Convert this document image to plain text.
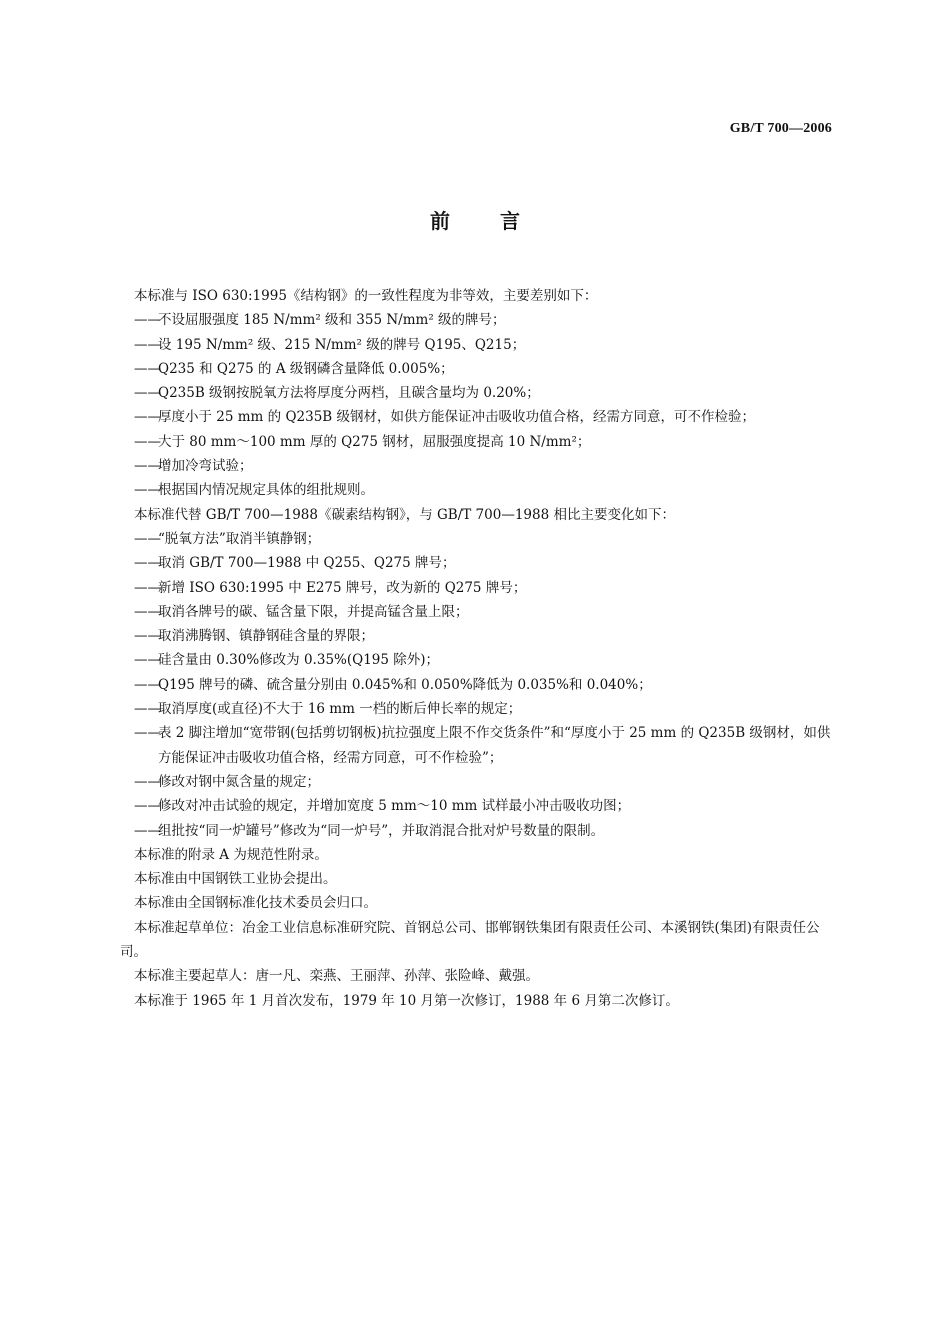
GB/T 700—2006
前言

本标准与 ISO 630:1995《结构钢》的一致性程度为非等效，主要差别如下：

——不设屈服强度 185 N/mm² 级和 355 N/mm² 级的牌号；

——设 195 N/mm² 级、215 N/mm² 级的牌号 Q195、Q215；

——Q235 和 Q275 的 A 级钢磷含量降低 0.005%；

——Q235B 级钢按脱氧方法将厚度分两档，且碳含量均为 0.20%；

——厚度小于 25 mm 的 Q235B 级钢材，如供方能保证冲击吸收功值合格，经需方同意，可不作检验；

——大于 80 mm～100 mm 厚的 Q275 钢材，屈服强度提高 10 N/mm²；

——增加冷弯试验；

——根据国内情况规定具体的组批规则。

本标准代替 GB/T 700—1988《碳素结构钢》，与 GB/T 700—1988 相比主要变化如下：

——“脱氧方法”取消半镇静钢；

——取消 GB/T 700—1988 中 Q255、Q275 牌号；

——新增 ISO 630:1995 中 E275 牌号，改为新的 Q275 牌号；

——取消各牌号的碳、锰含量下限，并提高锰含量上限；

——取消沸腾钢、镇静钢硅含量的界限；

——硅含量由 0.30%修改为 0.35%(Q195 除外)；

——Q195 牌号的磷、硫含量分别由 0.045%和 0.050%降低为 0.035%和 0.040%；

——取消厚度(或直径)不大于 16 mm 一档的断后伸长率的规定；

——表 2 脚注增加“宽带钢(包括剪切钢板)抗拉强度上限不作交货条件”和“厚度小于 25 mm 的 Q235B 级钢材，如供方能保证冲击吸收功值合格，经需方同意，可不作检验”；

——修改对钢中氮含量的规定；

——修改对冲击试验的规定，并增加宽度 5 mm～10 mm 试样最小冲击吸收功图；

——组批按“同一炉罐号”修改为“同一炉号”，并取消混合批对炉号数量的限制。

本标准的附录 A 为规范性附录。

本标准由中国钢铁工业协会提出。

本标准由全国钢标准化技术委员会归口。

本标准起草单位：冶金工业信息标准研究院、首钢总公司、邯郸钢铁集团有限责任公司、本溪钢铁(集团)有限责任公司。

本标准主要起草人：唐一凡、栾燕、王丽萍、孙萍、张险峰、戴强。

本标准于 1965 年 1 月首次发布，1979 年 10 月第一次修订，1988 年 6 月第二次修订。
